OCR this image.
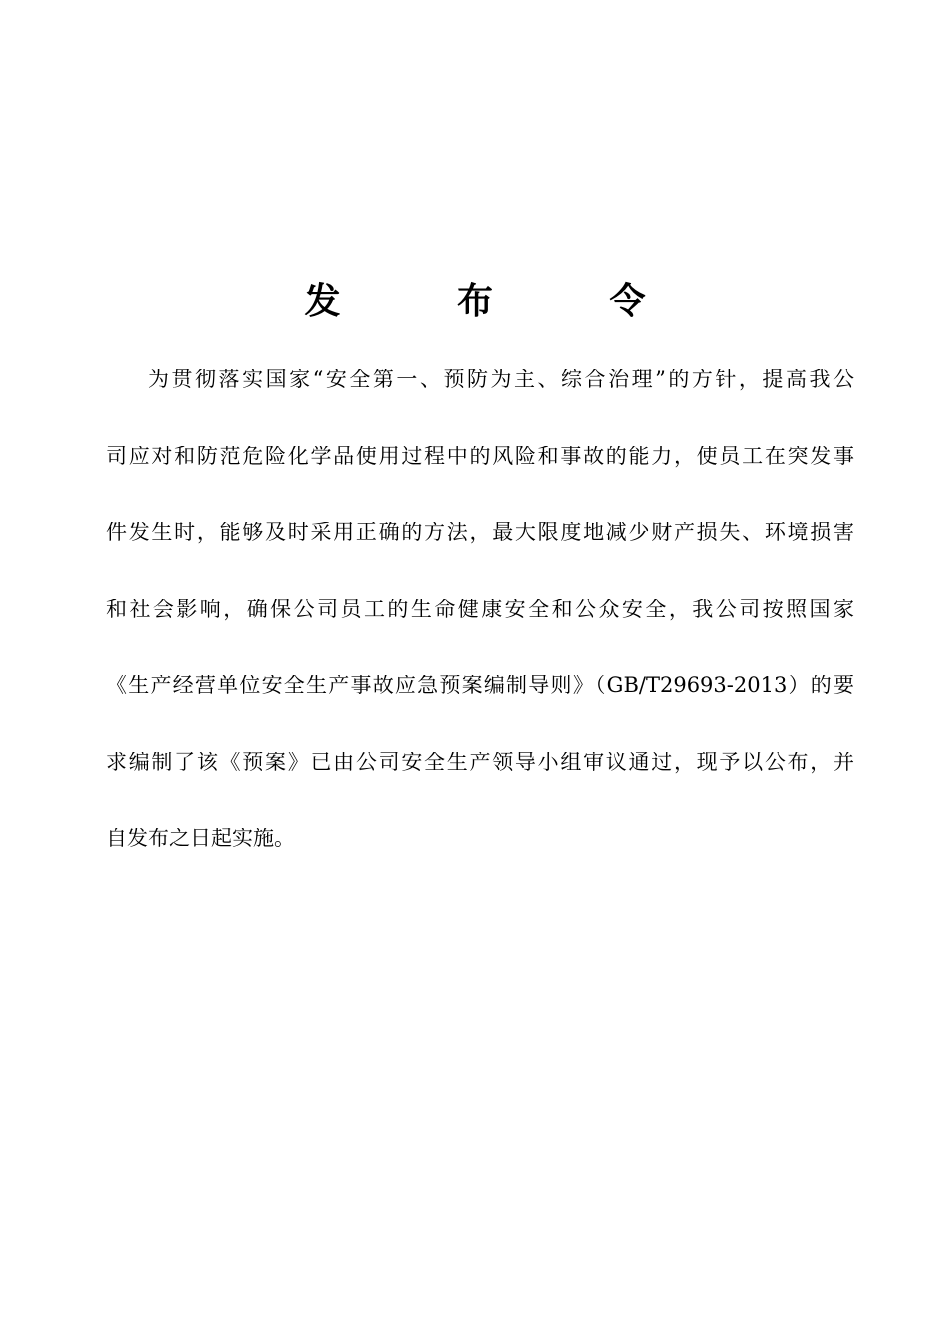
发 布 令
为贯彻落实国家“安全第一、预防为主、综合治理”的方针，提高我公
司应对和防范危险化学品使用过程中的风险和事故的能力，使员工在突发事
件发生时，能够及时采用正确的方法，最大限度地减少财产损失、环境损害
和社会影响，确保公司员工的生命健康安全和公众安全，我公司按照国家
《生产经营单位安全生产事故应急预案编制导则》（GB/T29693-2013）的要
求编制了该《预案》已由公司安全生产领导小组审议通过，现予以公布，并
自发布之日起实施。
